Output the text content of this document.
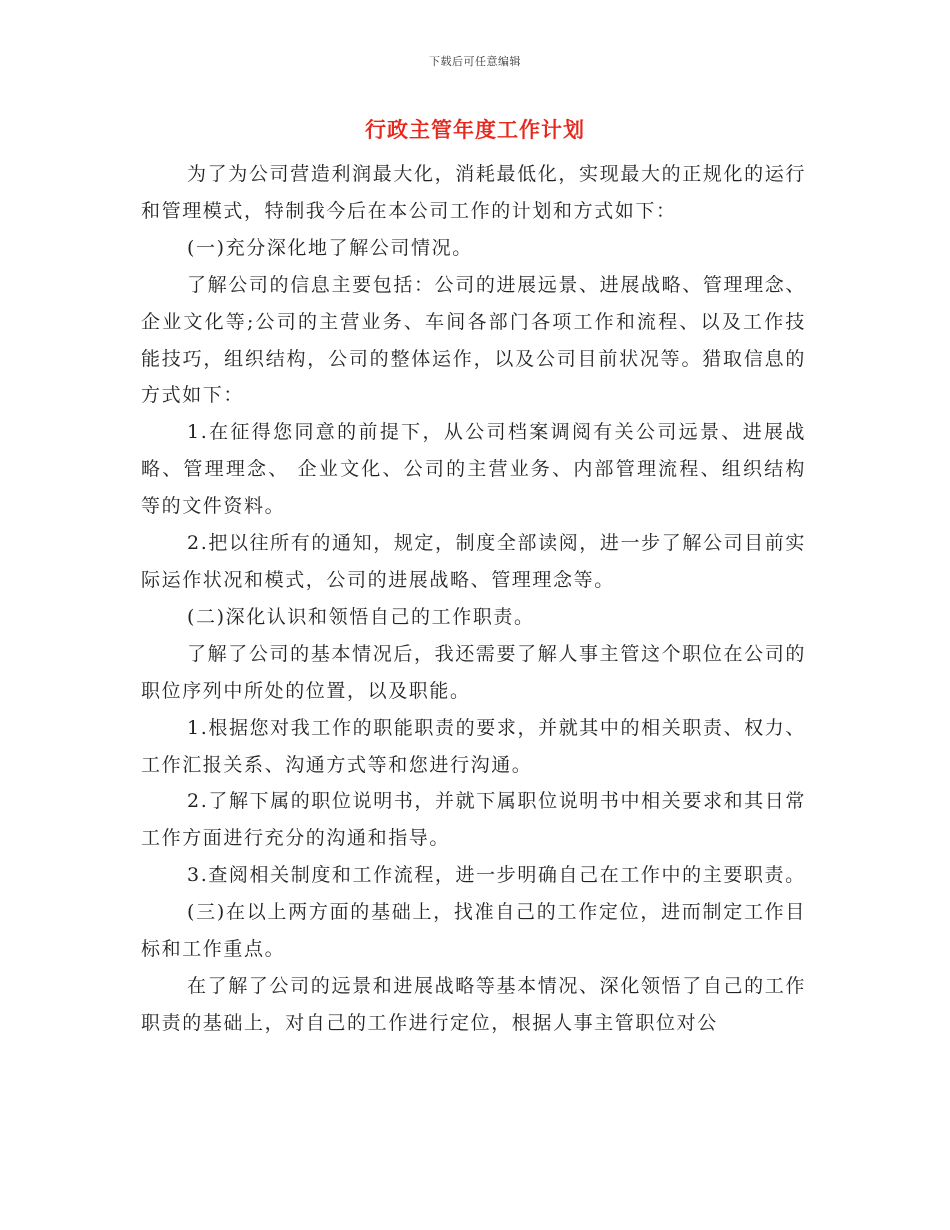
下载后可任意编辑
行政主管年度工作计划

为了为公司营造利润最大化，消耗最低化，实现最大的正规化的运行和管理模式，特制我今后在本公司工作的计划和方式如下：

(一)充分深化地了解公司情况。

了解公司的信息主要包括：公司的进展远景、进展战略、管理理念、企业文化等;公司的主营业务、车间各部门各项工作和流程、以及工作技能技巧，组织结构，公司的整体运作，以及公司目前状况等。猎取信息的方式如下：

1.在征得您同意的前提下，从公司档案调阅有关公司远景、进展战略、管理理念、 企业文化、公司的主营业务、内部管理流程、组织结构等的文件资料。

2.把以往所有的通知，规定，制度全部读阅，进一步了解公司目前实际运作状况和模式，公司的进展战略、管理理念等。

(二)深化认识和领悟自己的工作职责。

了解了公司的基本情况后，我还需要了解人事主管这个职位在公司的职位序列中所处的位置，以及职能。

1.根据您对我工作的职能职责的要求，并就其中的相关职责、权力、工作汇报关系、沟通方式等和您进行沟通。

2.了解下属的职位说明书，并就下属职位说明书中相关要求和其日常工作方面进行充分的沟通和指导。

3.查阅相关制度和工作流程，进一步明确自己在工作中的主要职责。

(三)在以上两方面的基础上，找准自己的工作定位，进而制定工作目标和工作重点。

在了解了公司的远景和进展战略等基本情况、深化领悟了自己的工作职责的基础上，对自己的工作进行定位，根据人事主管职位对公
